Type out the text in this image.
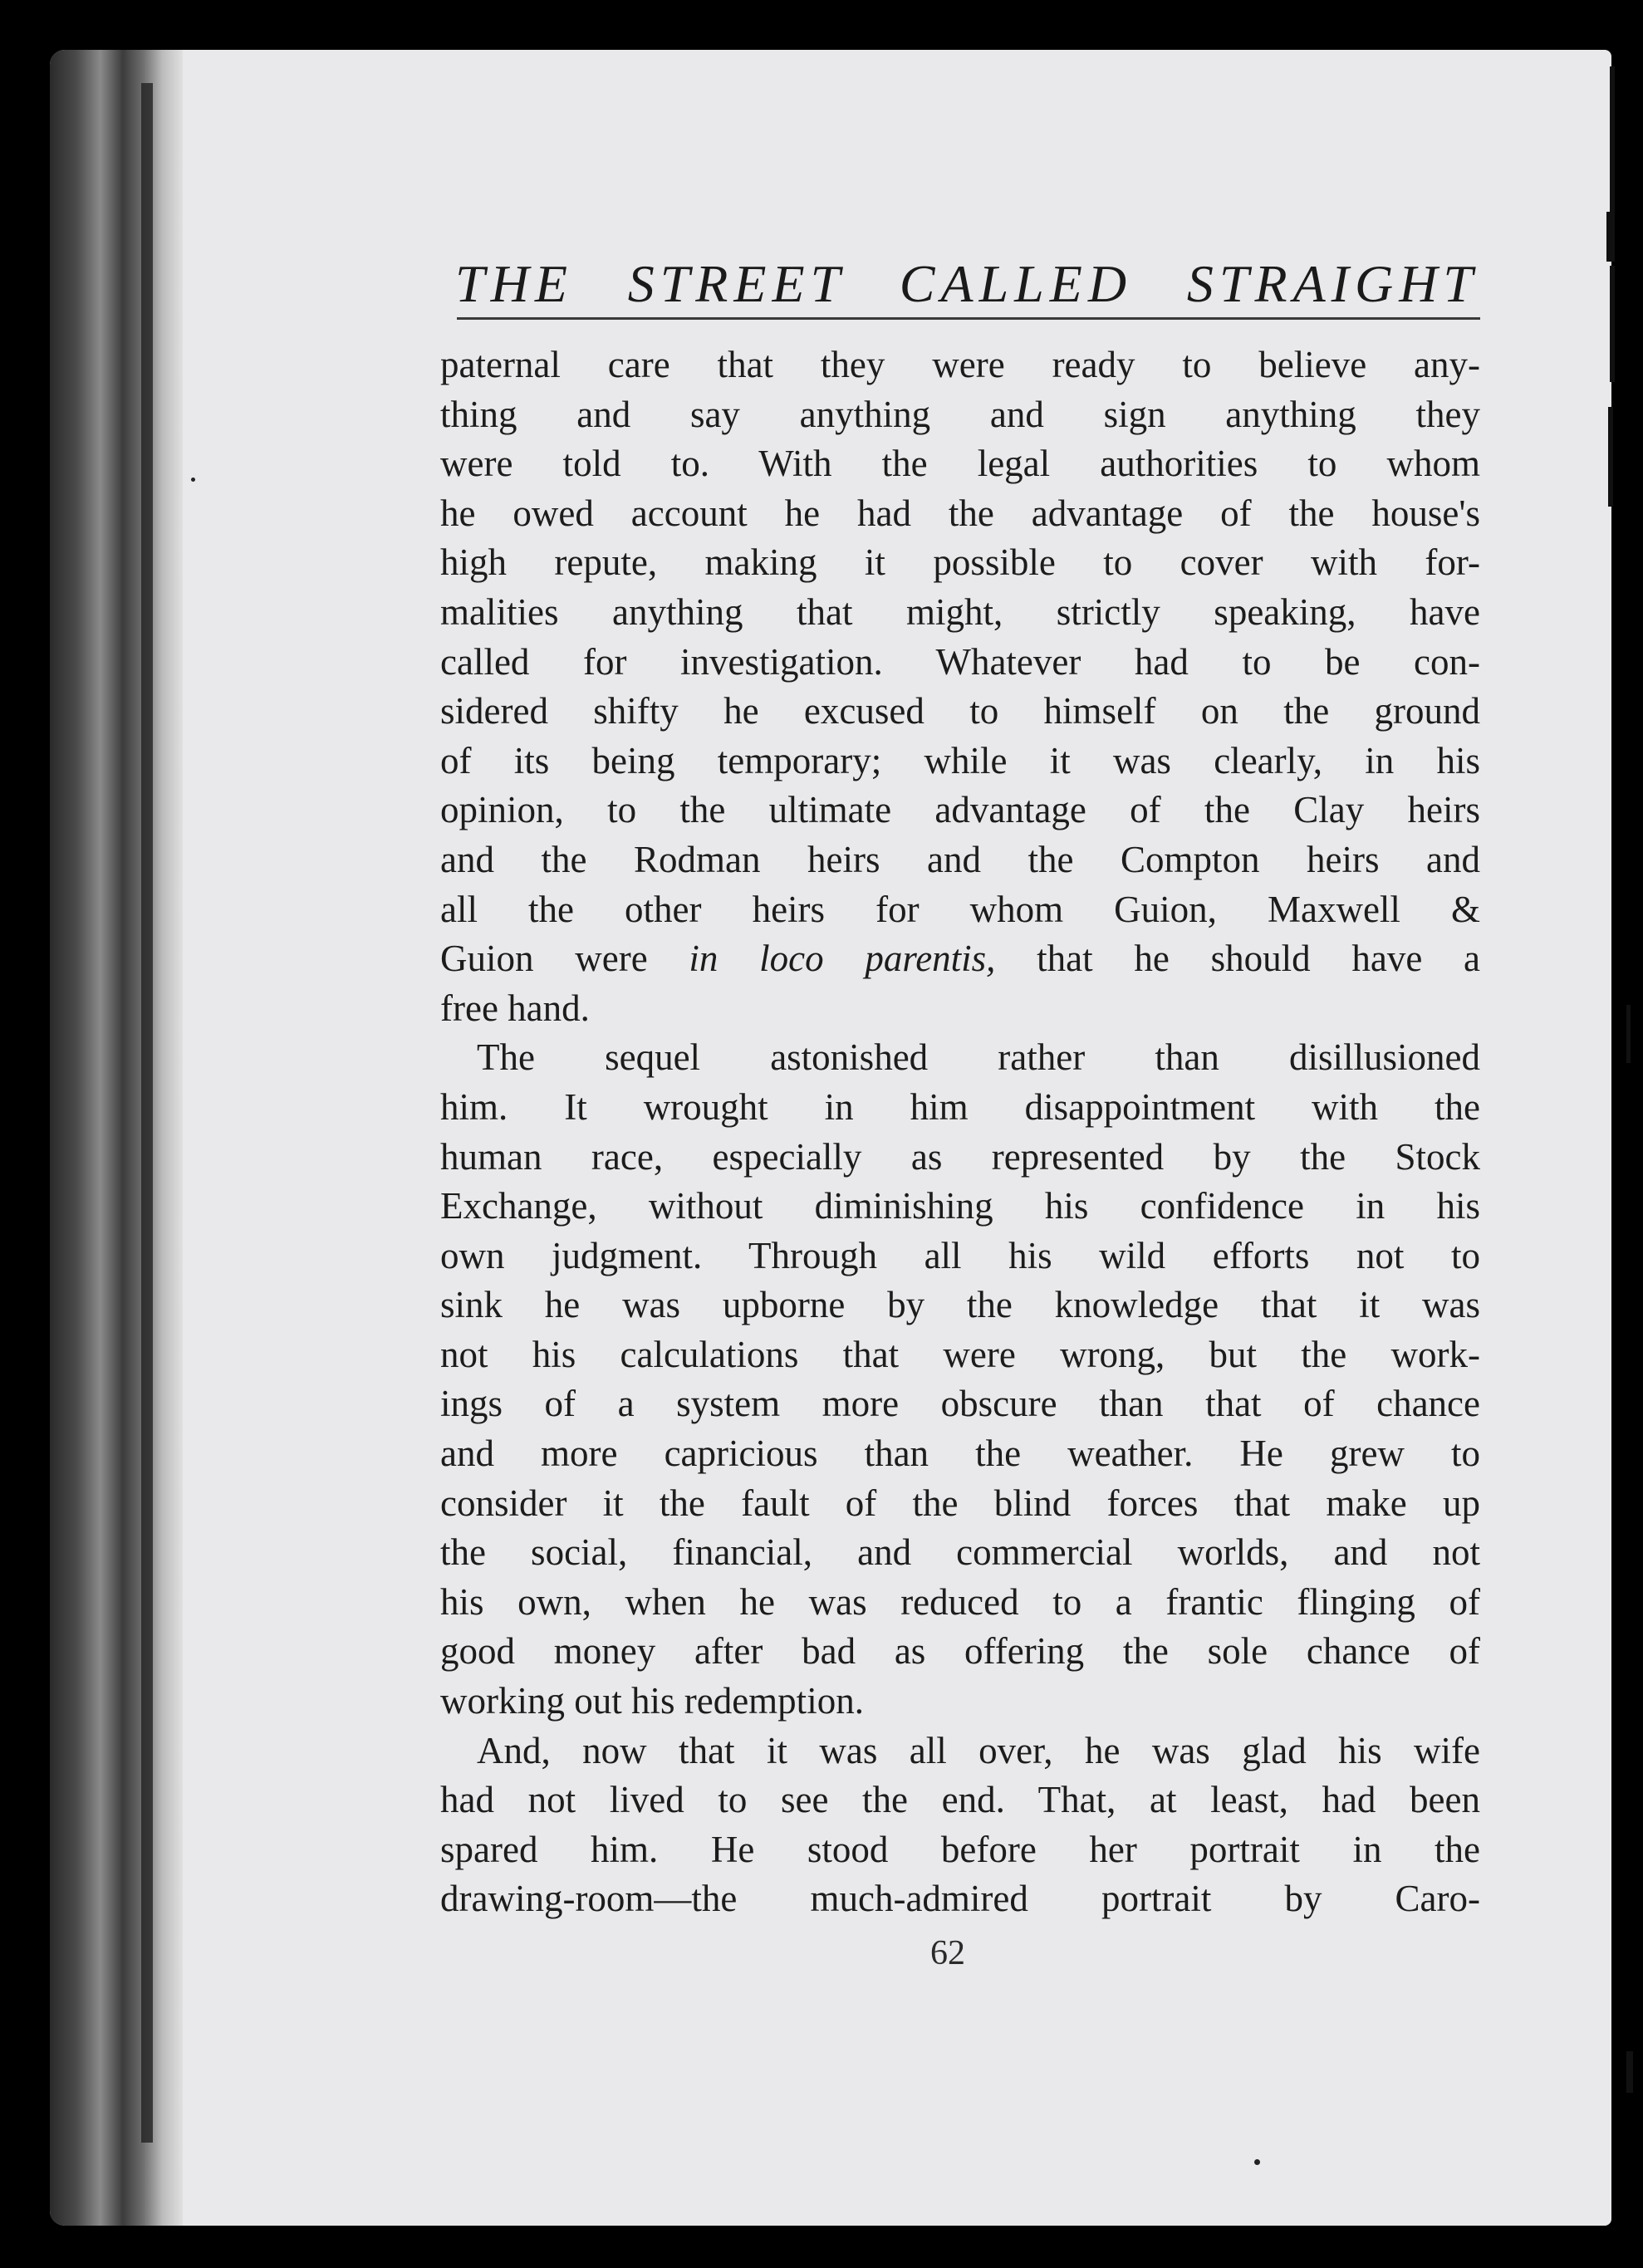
THE STREET CALLED STRAIGHT
paternal care that they were ready to believe any-
thing and say anything and sign anything they
were told to. With the legal authorities to whom
he owed account he had the advantage of the house's
high repute, making it possible to cover with for-
malities anything that might, strictly speaking, have
called for investigation. Whatever had to be con-
sidered shifty he excused to himself on the ground
of its being temporary; while it was clearly, in his
opinion, to the ultimate advantage of the Clay heirs
and the Rodman heirs and the Compton heirs and
all the other heirs for whom Guion, Maxwell &
Guion were in loco parentis, that he should have a
free hand.
The sequel astonished rather than disillusioned
him. It wrought in him disappointment with the
human race, especially as represented by the Stock
Exchange, without diminishing his confidence in his
own judgment. Through all his wild efforts not to
sink he was upborne by the knowledge that it was
not his calculations that were wrong, but the work-
ings of a system more obscure than that of chance
and more capricious than the weather. He grew to
consider it the fault of the blind forces that make up
the social, financial, and commercial worlds, and not
his own, when he was reduced to a frantic flinging of
good money after bad as offering the sole chance of
working out his redemption.
And, now that it was all over, he was glad his wife
had not lived to see the end. That, at least, had been
spared him. He stood before her portrait in the
drawing-room—the much-admired portrait by Caro-
62
